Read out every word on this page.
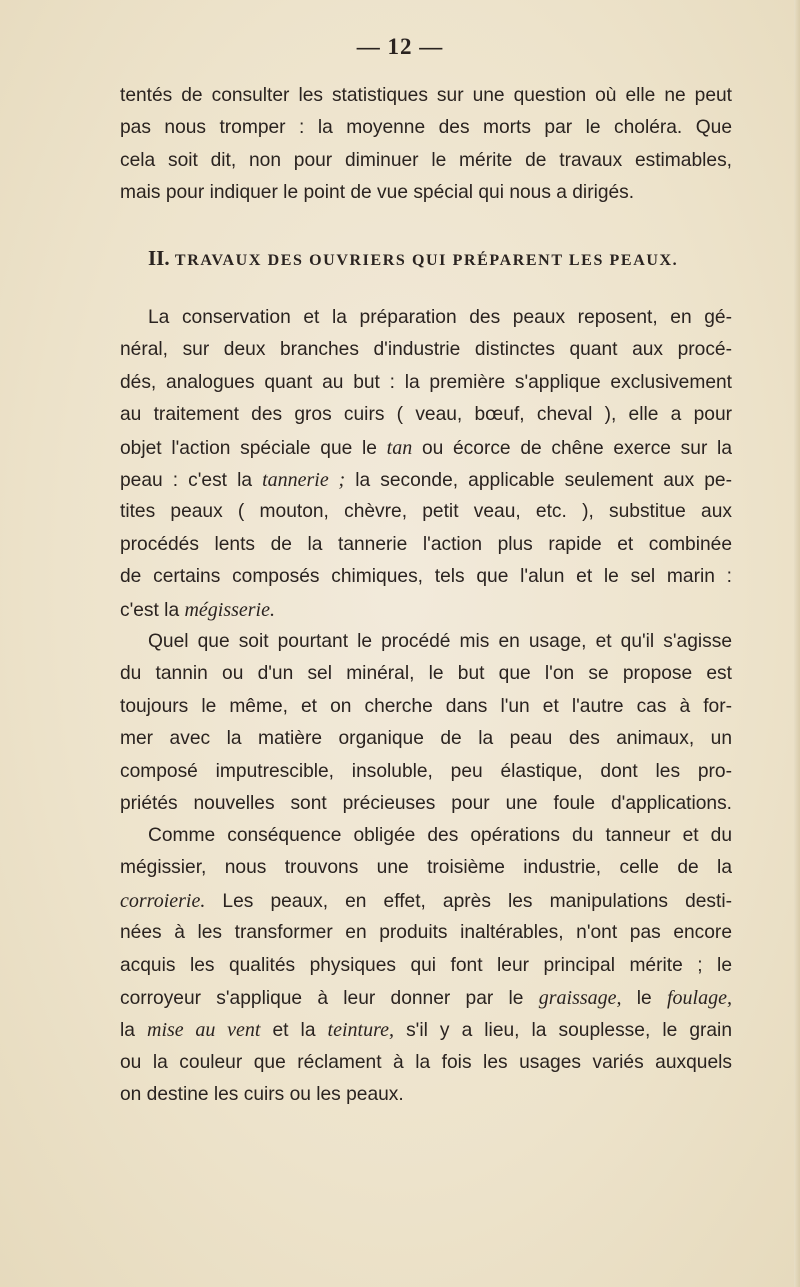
— 12 —
tentés de consulter les statistiques sur une question où elle ne peut
pas nous tromper : la moyenne des morts par le choléra. Que
cela soit dit, non pour diminuer le mérite de travaux estimables,
mais pour indiquer le point de vue spécial qui nous a dirigés.
II. TRAVAUX DES OUVRIERS QUI PRÉPARENT LES PEAUX.
La conservation et la préparation des peaux reposent, en gé-
néral, sur deux branches d'industrie distinctes quant aux procé-
dés, analogues quant au but : la première s'applique exclusivement
au traitement des gros cuirs ( veau, bœuf, cheval ), elle a pour
objet l'action spéciale que le tan ou écorce de chêne exerce sur la
peau : c'est la tannerie ; la seconde, applicable seulement aux pe-
tites peaux ( mouton, chèvre, petit veau, etc. ), substitue aux
procédés lents de la tannerie l'action plus rapide et combinée
de certains composés chimiques, tels que l'alun et le sel marin :
c'est la mégisserie.
Quel que soit pourtant le procédé mis en usage, et qu'il s'agisse
du tannin ou d'un sel minéral, le but que l'on se propose est
toujours le même, et on cherche dans l'un et l'autre cas à for-
mer avec la matière organique de la peau des animaux, un
composé imputrescible, insoluble, peu élastique, dont les pro-
priétés nouvelles sont précieuses pour une foule d'applications.
Comme conséquence obligée des opérations du tanneur et du
mégissier, nous trouvons une troisième industrie, celle de la
corroierie. Les peaux, en effet, après les manipulations desti-
nées à les transformer en produits inaltérables, n'ont pas encore
acquis les qualités physiques qui font leur principal mérite ; le
corroyeur s'applique à leur donner par le graissage, le foulage,
la mise au vent et la teinture, s'il y a lieu, la souplesse, le grain
ou la couleur que réclament à la fois les usages variés auxquels
on destine les cuirs ou les peaux.
